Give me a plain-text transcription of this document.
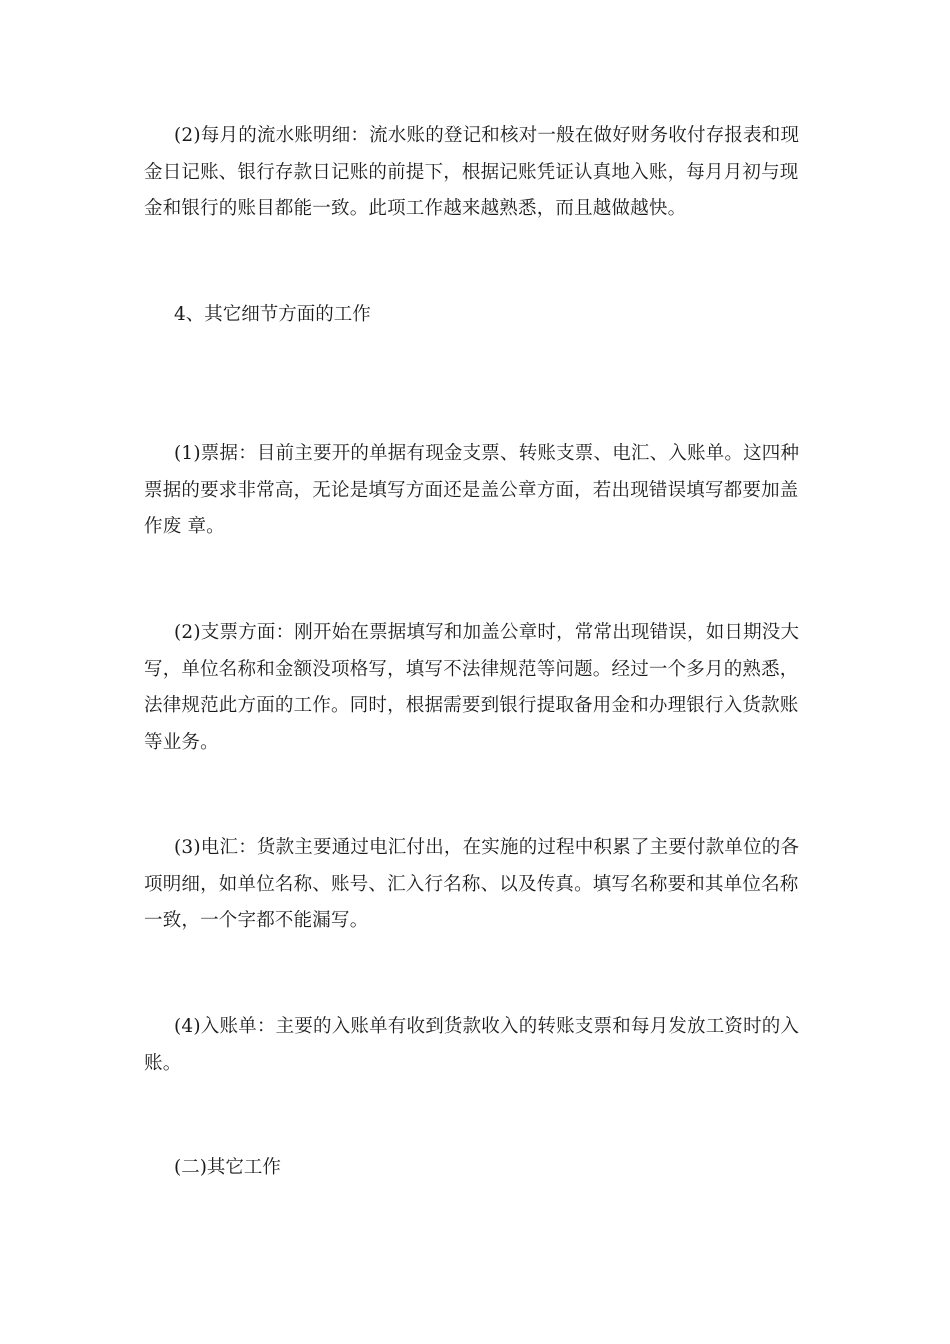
(2)每月的流水账明细：流水账的登记和核对一般在做好财务收付存报表和现金日记账、银行存款日记账的前提下，根据记账凭证认真地入账，每月月初与现金和银行的账目都能一致。此项工作越来越熟悉，而且越做越快。

4、其它细节方面的工作

(1)票据：目前主要开的单据有现金支票、转账支票、电汇、入账单。这四种票据的要求非常高，无论是填写方面还是盖公章方面，若出现错误填写都要加盖 作废 章。

(2)支票方面：刚开始在票据填写和加盖公章时，常常出现错误，如日期没大写，单位名称和金额没项格写，填写不法律规范等问题。经过一个多月的熟悉，法律规范此方面的工作。同时，根据需要到银行提取备用金和办理银行入货款账等业务。

(3)电汇：货款主要通过电汇付出，在实施的过程中积累了主要付款单位的各项明细，如单位名称、账号、汇入行名称、以及传真。填写名称要和其单位名称一致，一个字都不能漏写。

(4)入账单：主要的入账单有收到货款收入的转账支票和每月发放工资时的入账。

(二)其它工作
